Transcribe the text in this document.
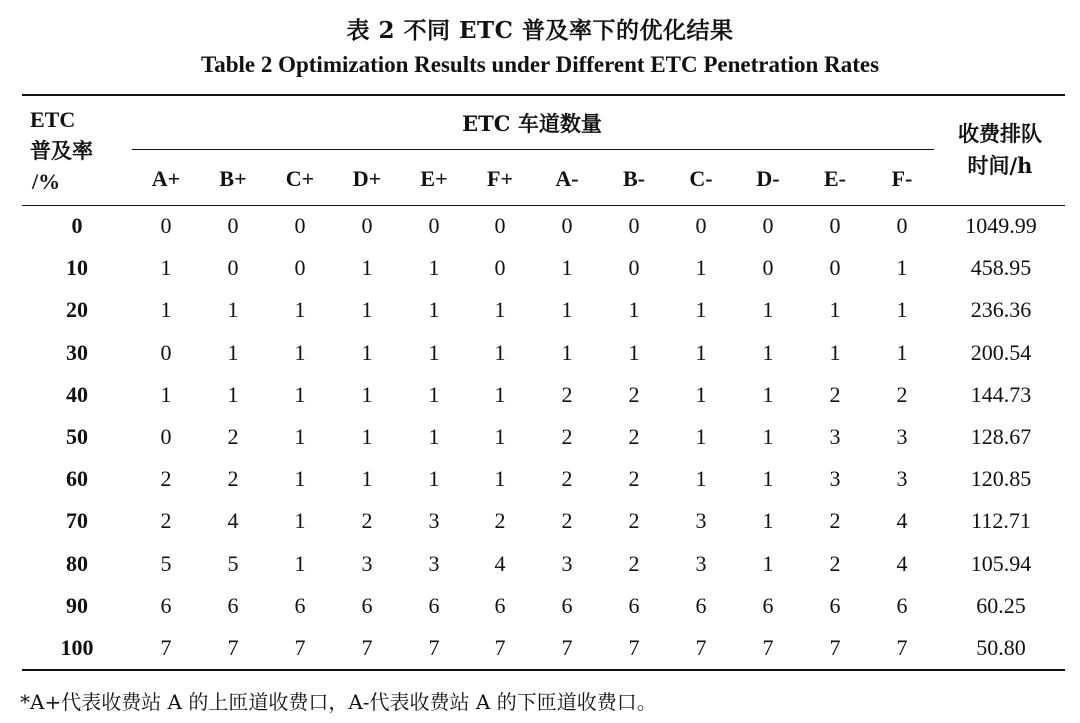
表 2 不同 ETC 普及率下的优化结果
Table 2 Optimization Results under Different ETC Penetration Rates
ETC
普及率
/%
ETC 车道数量	收费排队
时间/h
A+	B+	C+	D+	E+	F+	A-	B-	C-	D-	E-	F-
0	0	0	0	0	0	0	0	0	0	0	0	0	1049.99
10	1	0	0	1	1	0	1	0	1	0	0	1	458.95
20	1	1	1	1	1	1	1	1	1	1	1	1	236.36
30	0	1	1	1	1	1	1	1	1	1	1	1	200.54
40	1	1	1	1	1	1	2	2	1	1	2	2	144.73
50	0	2	1	1	1	1	2	2	1	1	3	3	128.67
60	2	2	1	1	1	1	2	2	1	1	3	3	120.85
70	2	4	1	2	3	2	2	2	3	1	2	4	112.71
80	5	5	1	3	3	4	3	2	3	1	2	4	105.94
90	6	6	6	6	6	6	6	6	6	6	6	6	60.25
100	7	7	7	7	7	7	7	7	7	7	7	7	50.80
*A+代表收费站 A 的上匝道收费口，A-代表收费站 A 的下匝道收费口。
